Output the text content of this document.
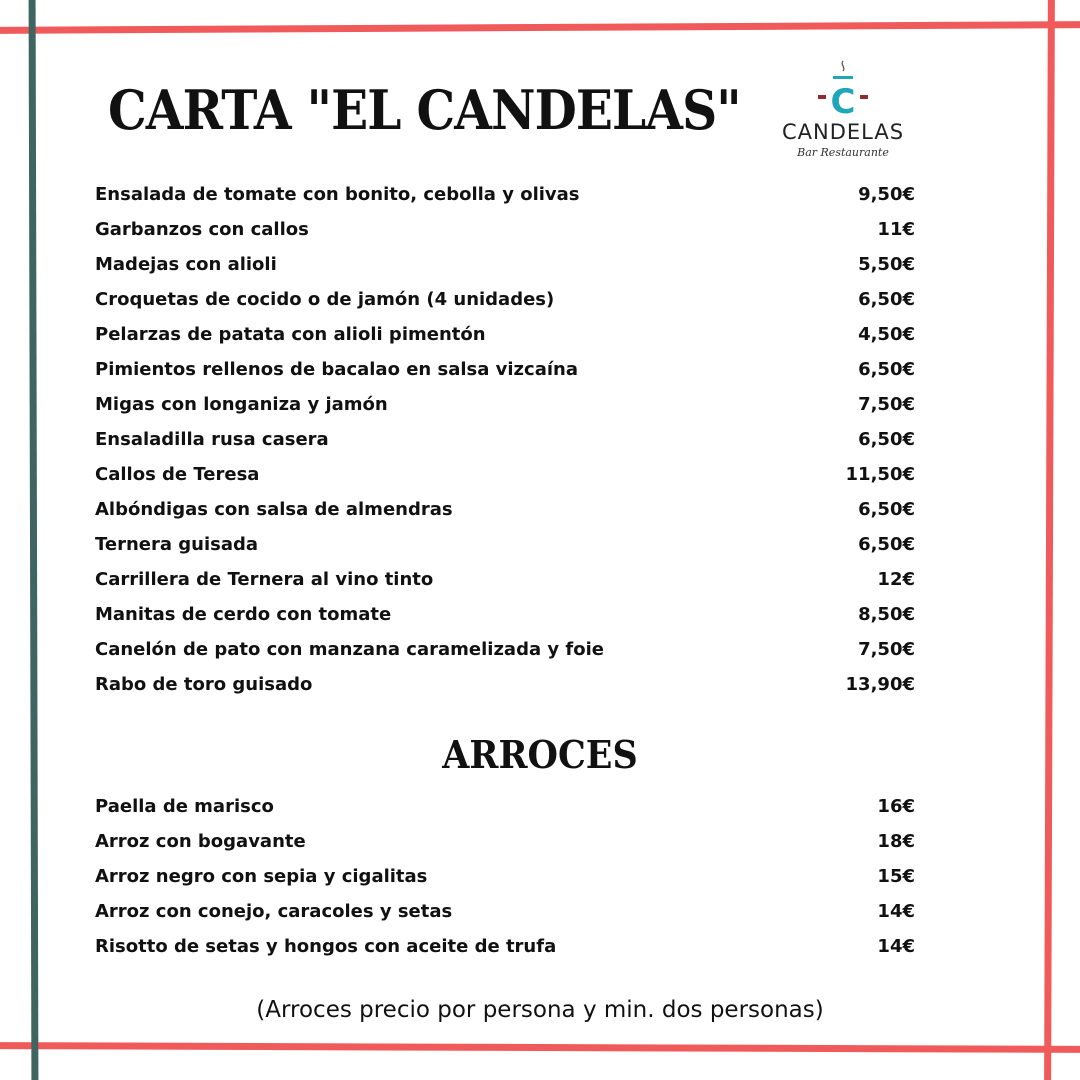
CARTA "EL CANDELAS"	C
CANDELAS
Bar Restaurante
Ensalada de tomate con bonito, cebolla y olivas	9,50€
Garbanzos con callos	11€
Madejas con alioli	5,50€
Croquetas de cocido o de jamón (4 unidades)	6,50€
Pelarzas de patata con alioli pimentón	4,50€
Pimientos rellenos de bacalao en salsa vizcaína	6,50€
Migas con longaniza y jamón	7,50€
Ensaladilla rusa casera	6,50€
Callos de Teresa	11,50€
Albóndigas con salsa de almendras	6,50€
Ternera guisada	6,50€
Carrillera de Ternera al vino tinto	12€
Manitas de cerdo con tomate	8,50€
Canelón de pato con manzana caramelizada y foie	7,50€
Rabo de toro guisado	13,90€
ARROCES
Paella de marisco	16€
Arroz con bogavante	18€
Arroz negro con sepia y cigalitas	15€
Arroz con conejo, caracoles y setas	14€
Risotto de setas y hongos con aceite de trufa	14€
(Arroces precio por persona y min. dos personas)
